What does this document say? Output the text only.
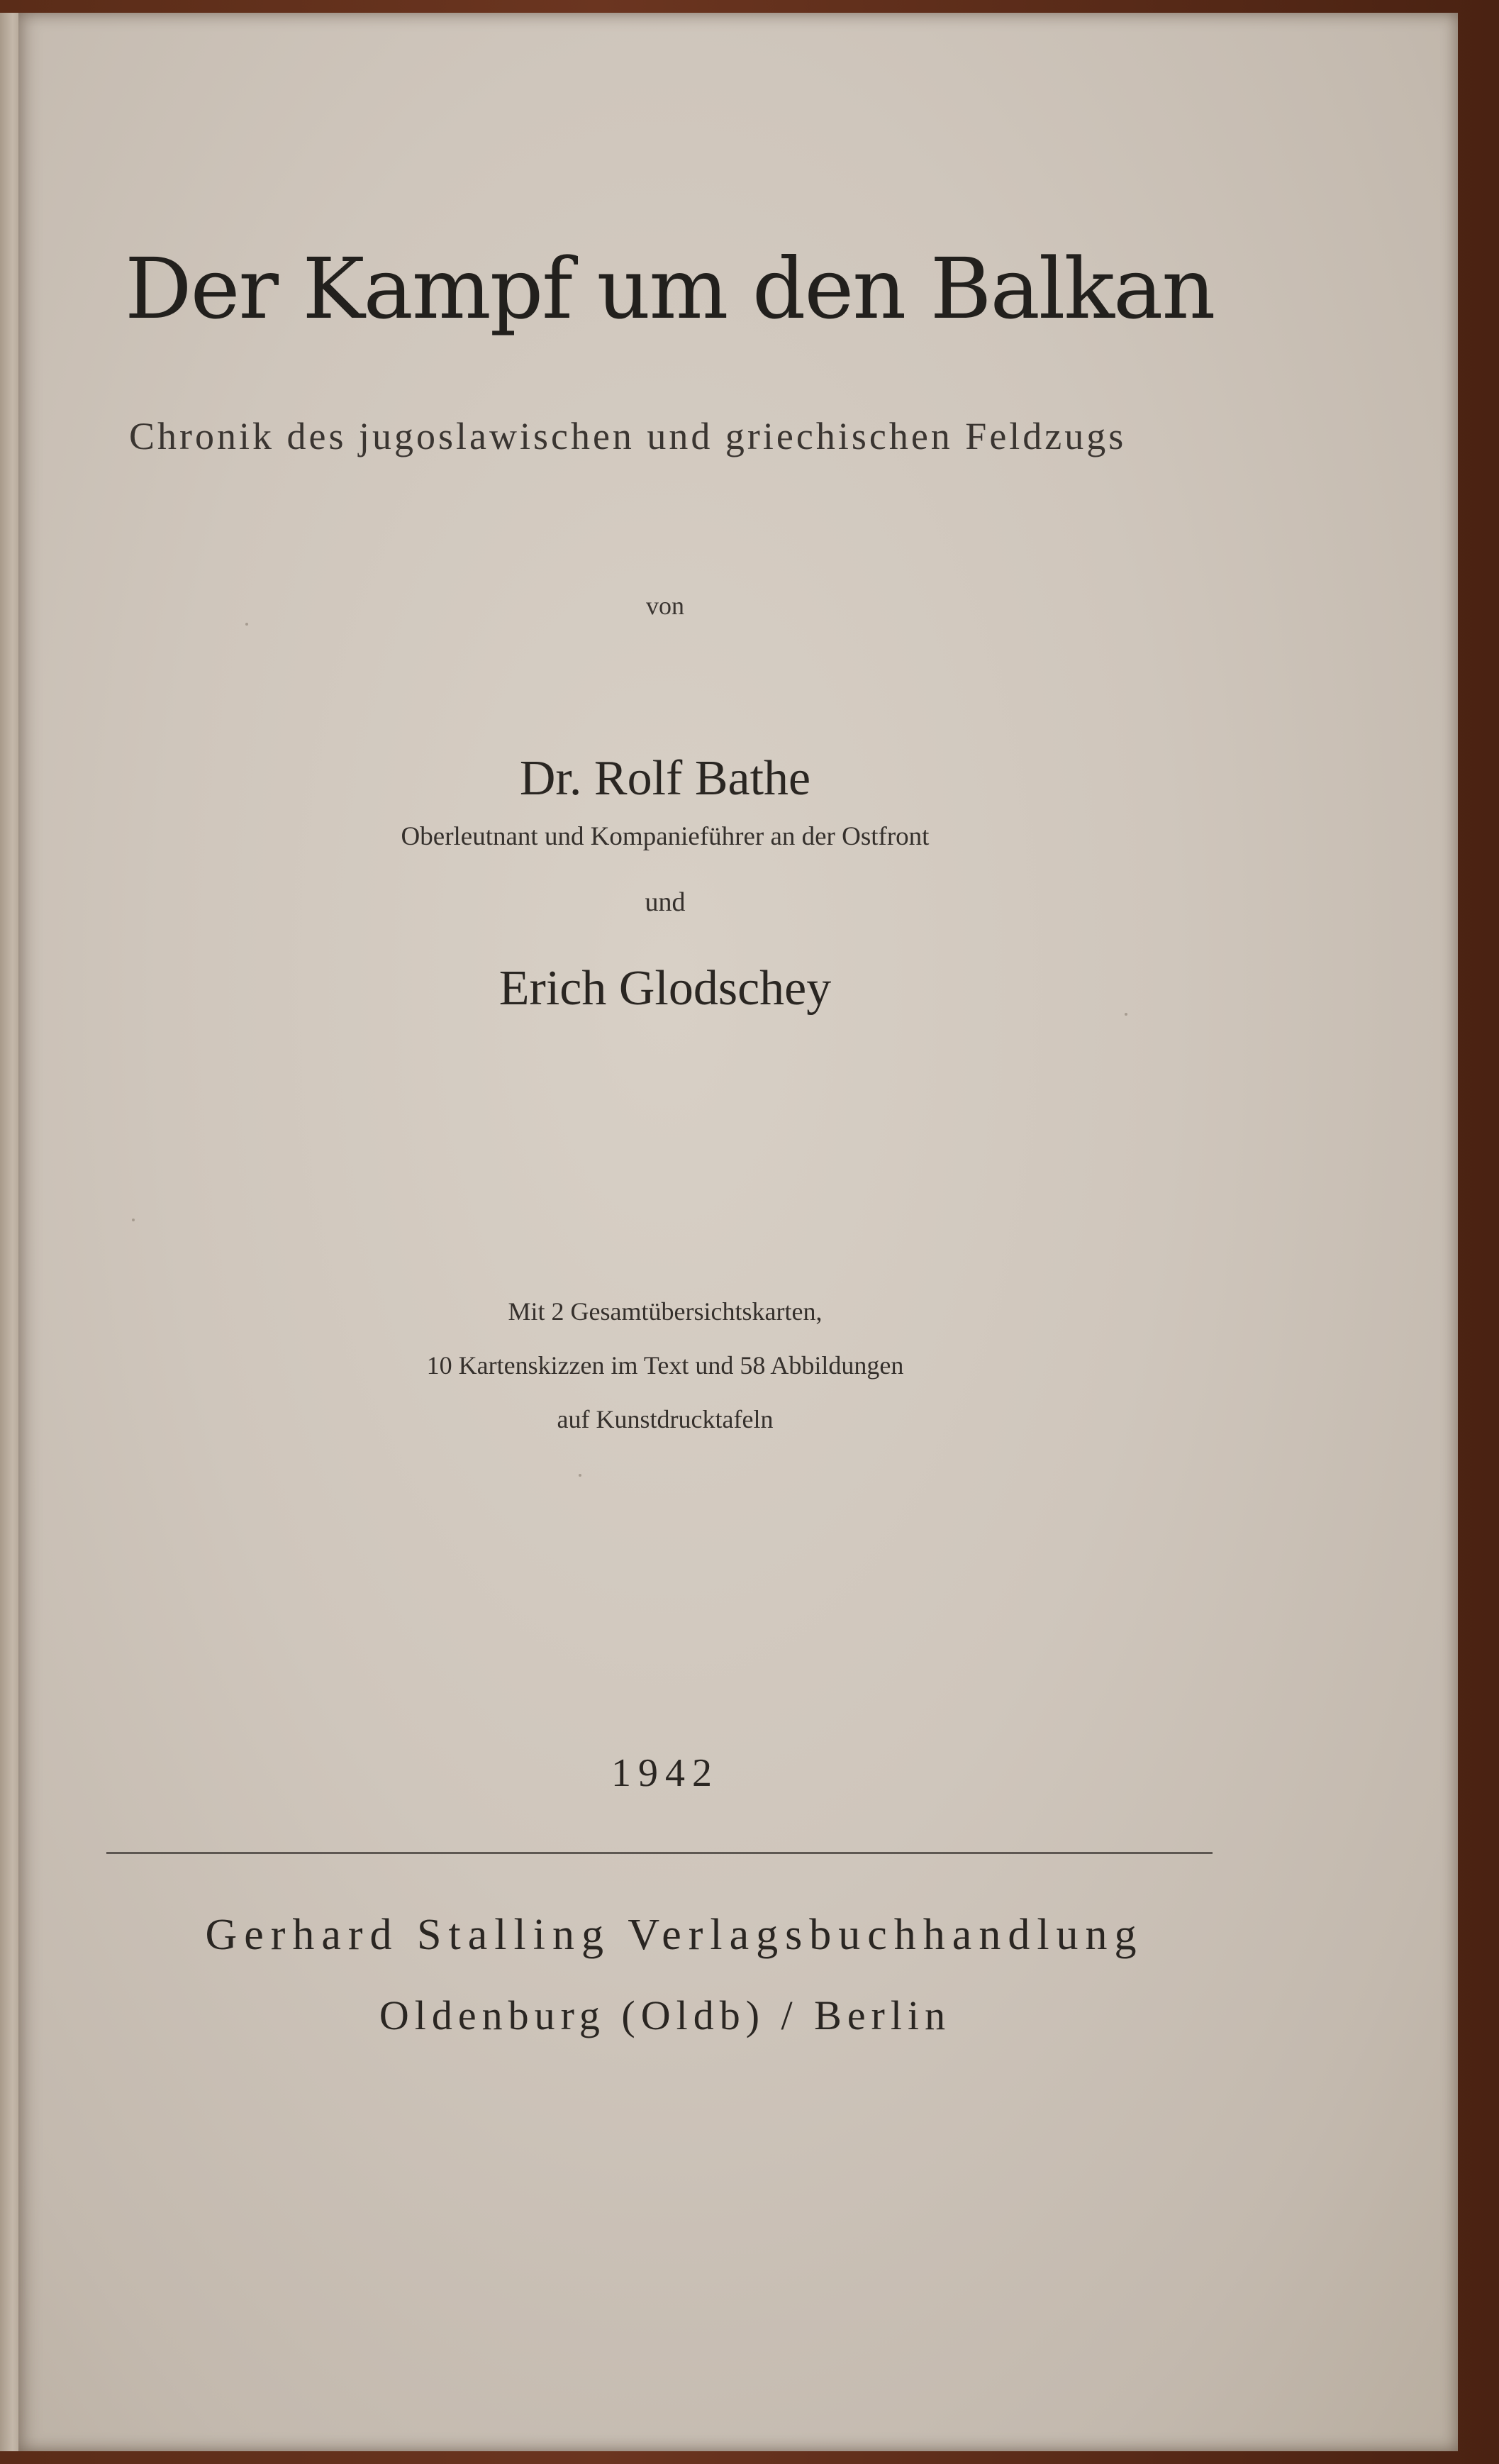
Der Kampf um den Balkan
Chronik des jugoslawischen und griechischen Feldzugs
von
Dr. Rolf Bathe
Oberleutnant und Kompanieführer an der Ostfront
und
Erich Glodschey
Mit 2 Gesamtübersichtskarten,
10 Kartenskizzen im Text und 58 Abbildungen
auf Kunstdrucktafeln
1942
Gerhard Stalling Verlagsbuchhandlung
Oldenburg (Oldb) / Berlin
